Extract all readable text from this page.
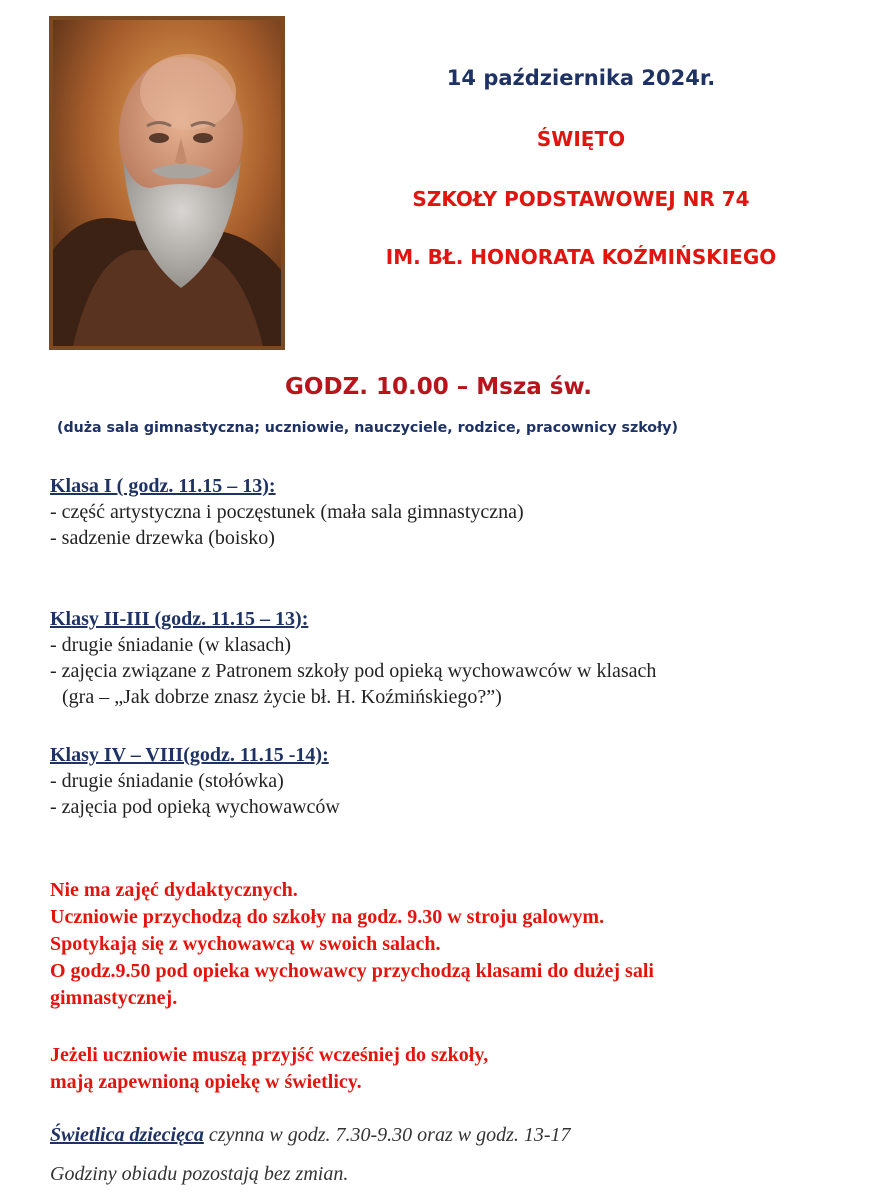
14 października 2024r.
ŚWIĘTO
SZKOŁY PODSTAWOWEJ NR 74
IM. BŁ. HONORATA KOŹMIŃSKIEGO
GODZ. 10.00 – Msza św.
(duża sala gimnastyczna; uczniowie, nauczyciele, rodzice, pracownicy szkoły)
Klasa I ( godz. 11.15 – 13):
- część artystyczna i poczęstunek (mała sala gimnastyczna)
- sadzenie drzewka (boisko)
Klasy II-III (godz. 11.15 – 13):
- drugie śniadanie (w klasach)
- zajęcia związane z Patronem szkoły pod opieką wychowawców w klasach
(gra – „Jak dobrze znasz życie bł. H. Koźmińskiego?”)
Klasy IV – VIII(godz. 11.15 -14):
- drugie śniadanie (stołówka)
- zajęcia pod opieką wychowawców
Nie ma zajęć dydaktycznych.
Uczniowie przychodzą do szkoły na godz. 9.30 w stroju galowym.
Spotykają się z wychowawcą w swoich salach.
O godz.9.50 pod opieka wychowawcy przychodzą klasami do dużej sali
gimnastycznej.
Jeżeli uczniowie muszą przyjść wcześniej do szkoły,
mają zapewnioną opiekę w świetlicy.
Świetlica dziecięca czynna w godz. 7.30-9.30 oraz w godz. 13-17
Godziny obiadu pozostają bez zmian.
